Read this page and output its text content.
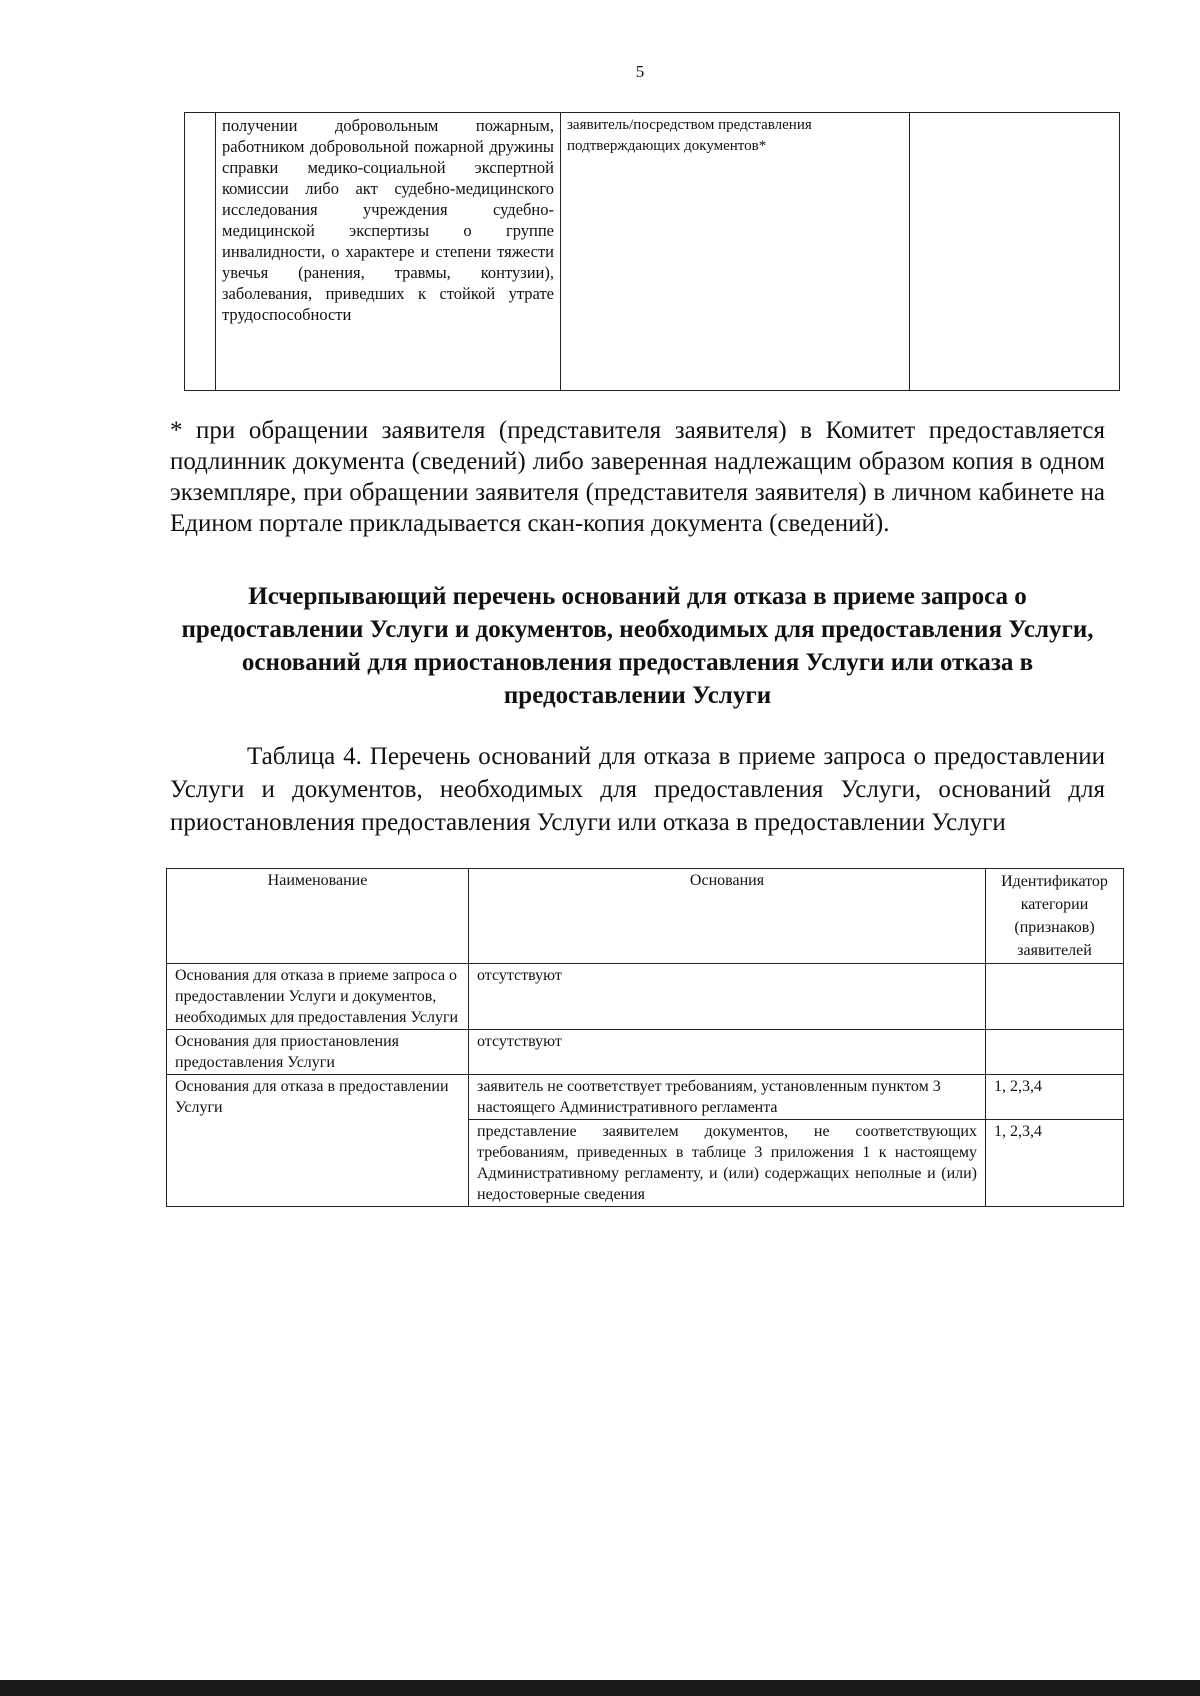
5
	получении добровольным пожарным, работником добровольной пожарной дружины справки медико-социальной экспертной комиссии либо акт судебно-медицинского исследования учреждения судебно-медицинской экспертизы о группе инвалидности, о характере и степени тяжести увечья (ранения, травмы, контузии), заболевания, приведших к стойкой утрате трудоспособности	заявитель/посредством представления подтверждающих документов*	

* при обращении заявителя (представителя заявителя) в Комитет предоставляется подлинник документа (сведений) либо заверенная надлежащим образом копия в одном экземпляре, при обращении заявителя (представителя заявителя) в личном кабинете на Едином портале прикладывается скан-копия документа (сведений).

Исчерпывающий перечень оснований для отказа в приеме запроса о предоставлении Услуги и документов, необходимых для предоставления Услуги, оснований для приостановления предоставления Услуги или отказа в предоставлении Услуги
Таблица 4. Перечень оснований для отказа в приеме запроса о предоставлении Услуги и документов, необходимых для предоставления Услуги, оснований для приостановления предоставления Услуги или отказа в предоставлении Услуги
Наименование	Основания	Идентификатор категории (признаков) заявителей
Основания для отказа в приеме запроса о предоставлении Услуги и документов, необходимых для предоставления Услуги	отсутствуют	
Основания для приостановления предоставления Услуги	отсутствуют	
Основания для отказа в предоставлении Услуги	заявитель не соответствует требованиям, установленным пунктом 3 настоящего Административного регламента	1, 2,3,4
	представление заявителем документов, не соответствующих требованиям, приведенных в таблице 3 приложения 1 к настоящему Административному регламенту, и (или) содержащих неполные и (или) недостоверные сведения	1, 2,3,4
